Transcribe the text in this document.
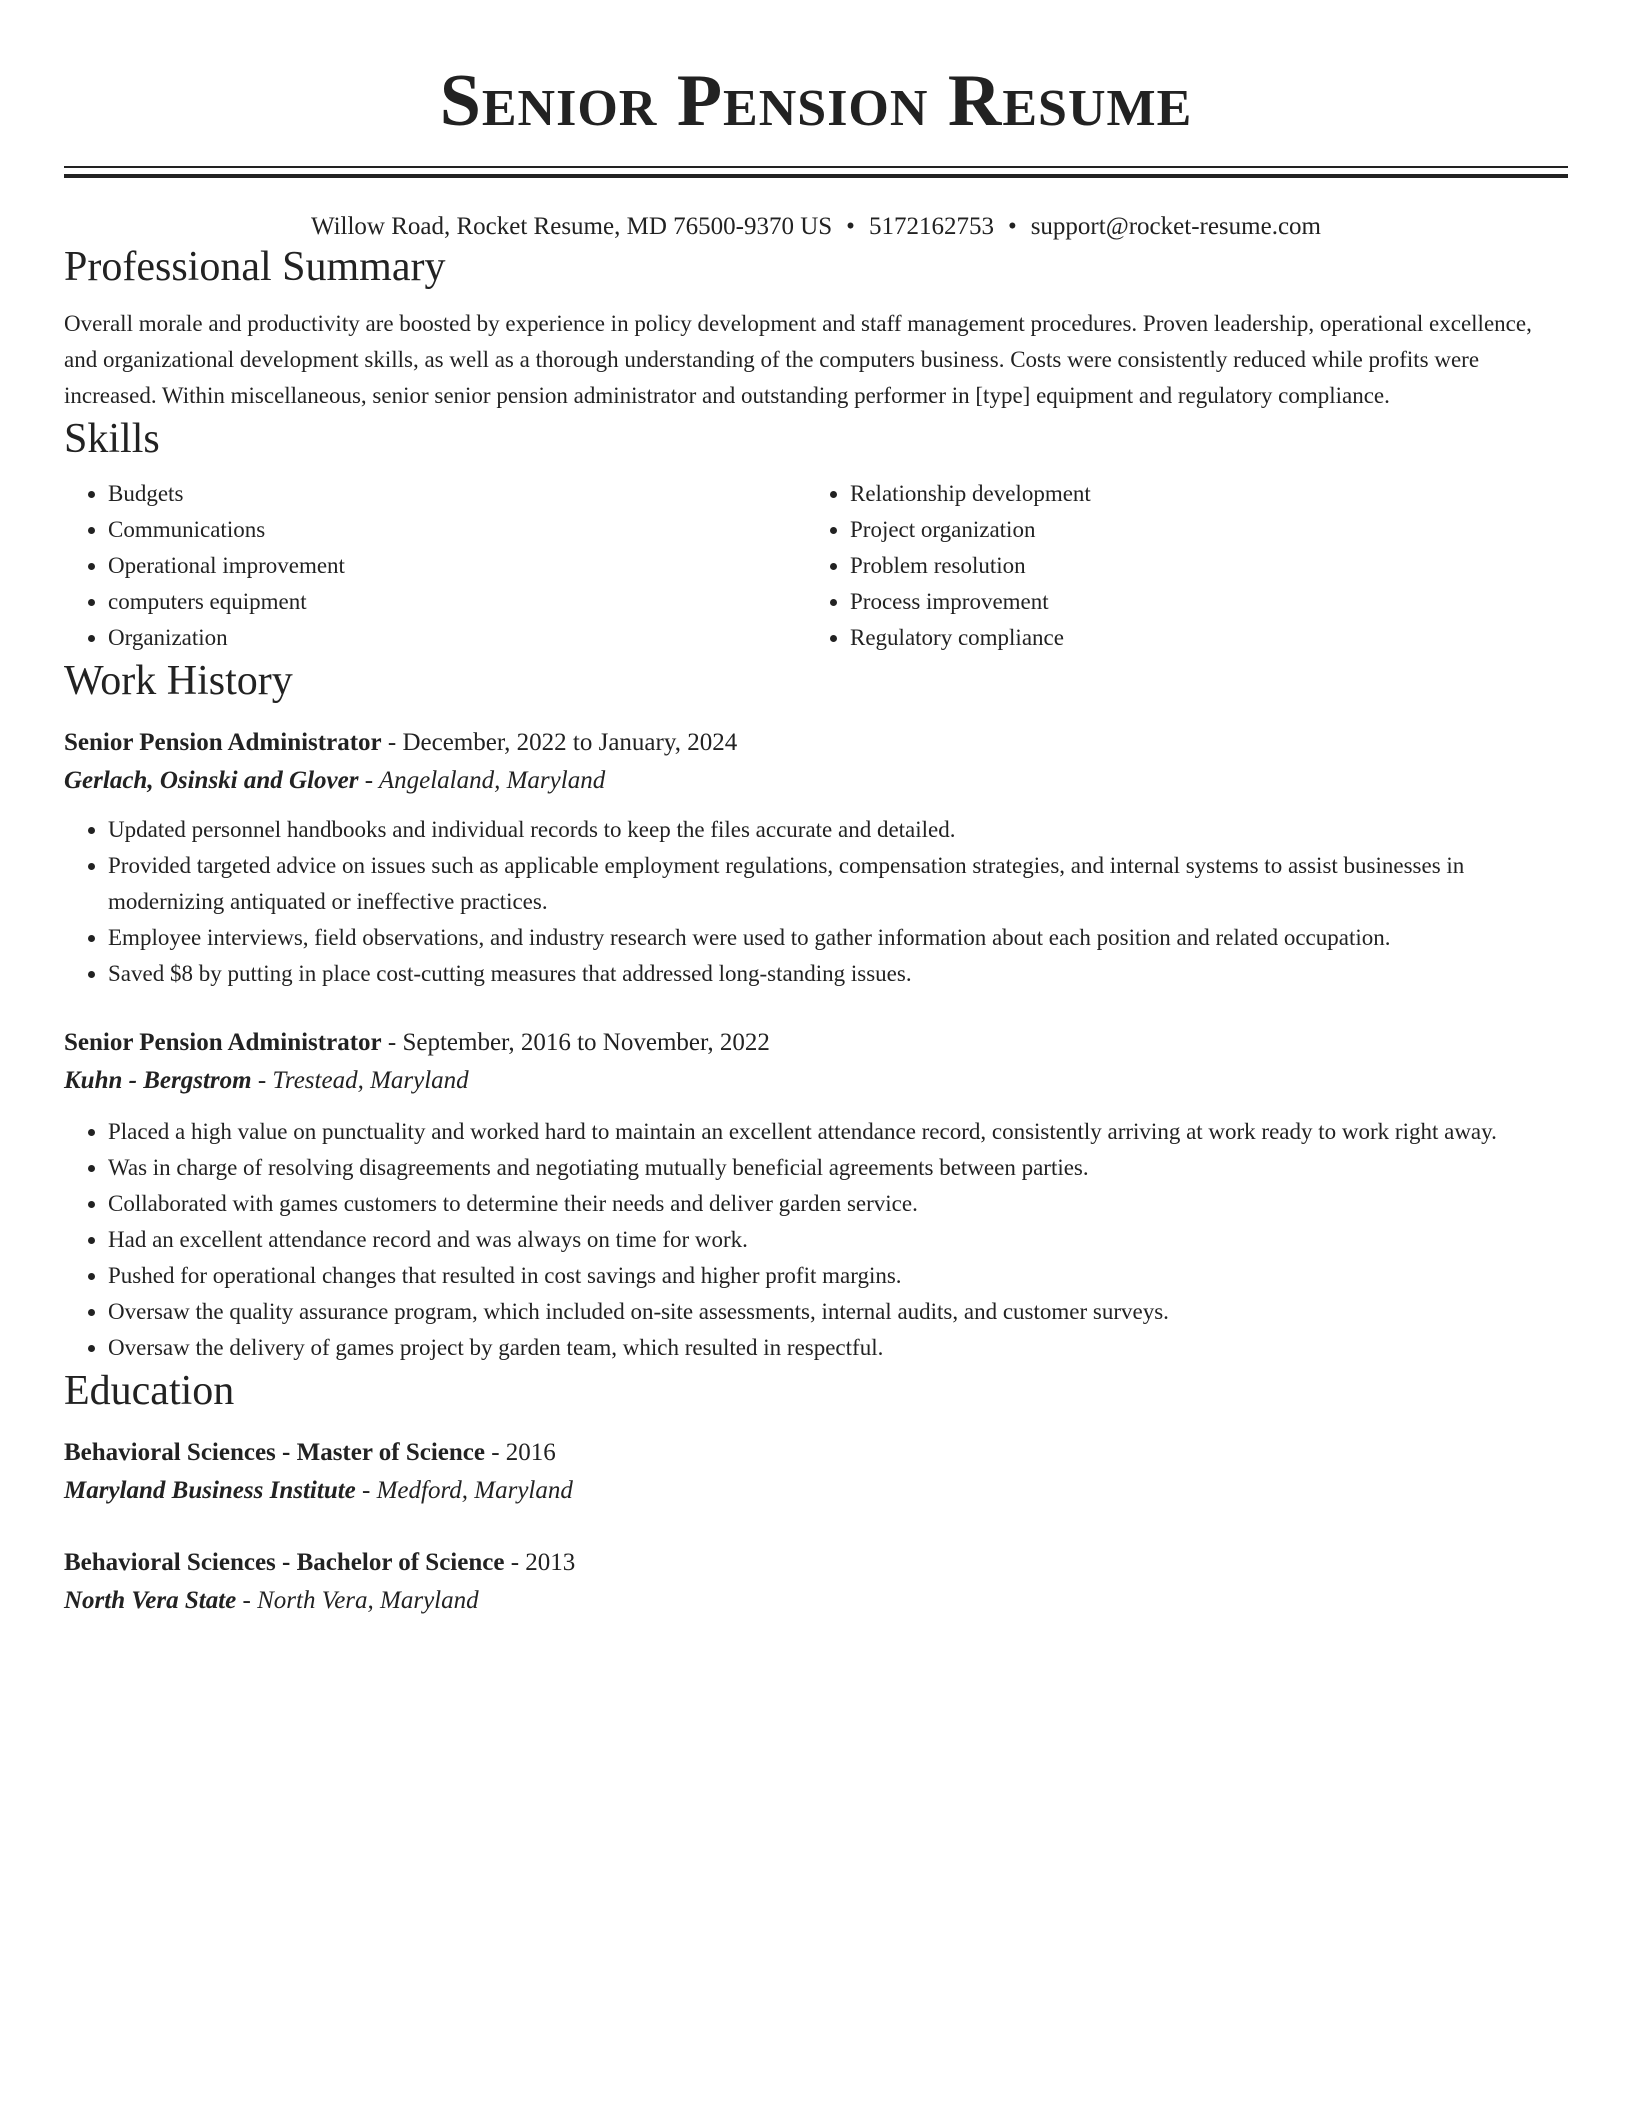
Senior Pension Resume
Willow Road, Rocket Resume, MD 76500-9370 US • 5172162753 • support@rocket-resume.com
Professional Summary
Overall morale and productivity are boosted by experience in policy development and staff management procedures. Proven leadership, operational excellence, and organizational development skills, as well as a thorough understanding of the computers business. Costs were consistently reduced while profits were increased. Within miscellaneous, senior senior pension administrator and outstanding performer in [type] equipment and regulatory compliance.
Skills
• Budgets
• Communications
• Operational improvement
• computers equipment
• Organization
• Relationship development
• Project organization
• Problem resolution
• Process improvement
• Regulatory compliance
Work History
Senior Pension Administrator - December, 2022 to January, 2024
Gerlach, Osinski and Glover - Angelaland, Maryland
• Updated personnel handbooks and individual records to keep the files accurate and detailed.
• Provided targeted advice on issues such as applicable employment regulations, compensation strategies, and internal systems to assist businesses in modernizing antiquated or ineffective practices.
• Employee interviews, field observations, and industry research were used to gather information about each position and related occupation.
• Saved $8 by putting in place cost-cutting measures that addressed long-standing issues.
Senior Pension Administrator - September, 2016 to November, 2022
Kuhn - Bergstrom - Trestead, Maryland
• Placed a high value on punctuality and worked hard to maintain an excellent attendance record, consistently arriving at work ready to work right away.
• Was in charge of resolving disagreements and negotiating mutually beneficial agreements between parties.
• Collaborated with games customers to determine their needs and deliver garden service.
• Had an excellent attendance record and was always on time for work.
• Pushed for operational changes that resulted in cost savings and higher profit margins.
• Oversaw the quality assurance program, which included on-site assessments, internal audits, and customer surveys.
• Oversaw the delivery of games project by garden team, which resulted in respectful.
Education
Behavioral Sciences - Master of Science - 2016
Maryland Business Institute - Medford, Maryland
Behavioral Sciences - Bachelor of Science - 2013
North Vera State - North Vera, Maryland
